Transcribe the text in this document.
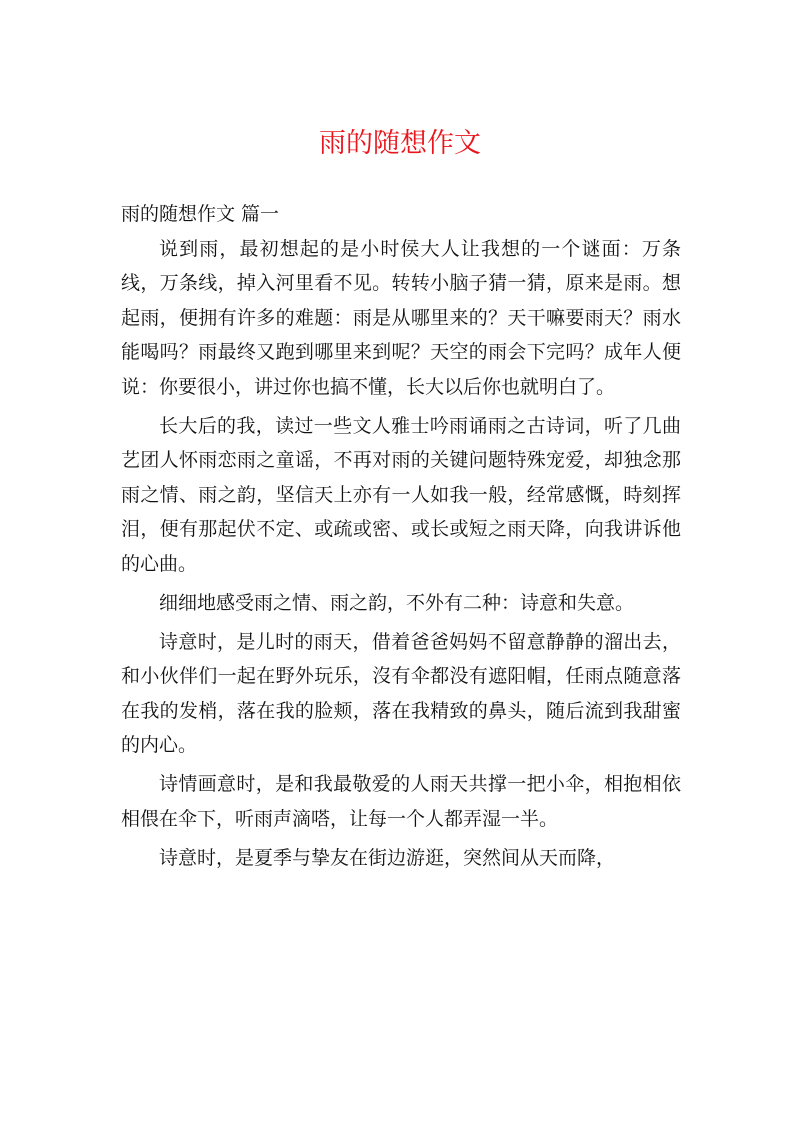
雨的随想作文

雨的随想作文 篇一

说到雨，最初想起的是小时侯大人让我想的一个谜面：万条线，万条线，掉入河里看不见。转转小脑子猜一猜，原来是雨。想起雨，便拥有许多的难题：雨是从哪里来的？天干嘛要雨天？雨水能喝吗？雨最终又跑到哪里来到呢？天空的雨会下完吗？成年人便说：你要很小，讲过你也搞不懂，长大以后你也就明白了。

长大后的我，读过一些文人雅士吟雨诵雨之古诗词，听了几曲艺团人怀雨恋雨之童谣，不再对雨的关键问题特殊宠爱，却独念那雨之情、雨之韵，坚信天上亦有一人如我一般，经常感慨，時刻挥泪，便有那起伏不定、或疏或密、或长或短之雨天降，向我讲诉他的心曲。

细细地感受雨之情、雨之韵，不外有二种：诗意和失意。

诗意时，是儿时的雨天，借着爸爸妈妈不留意静静的溜出去，和小伙伴们一起在野外玩乐，沒有伞都没有遮阳帽，任雨点随意落在我的发梢，落在我的脸颊，落在我精致的鼻头，随后流到我甜蜜的内心。

诗情画意时，是和我最敬爱的人雨天共撑一把小伞，相抱相依相偎在伞下，听雨声滴嗒，让每一个人都弄湿一半。

诗意时，是夏季与挚友在街边游逛，突然间从天而降，
